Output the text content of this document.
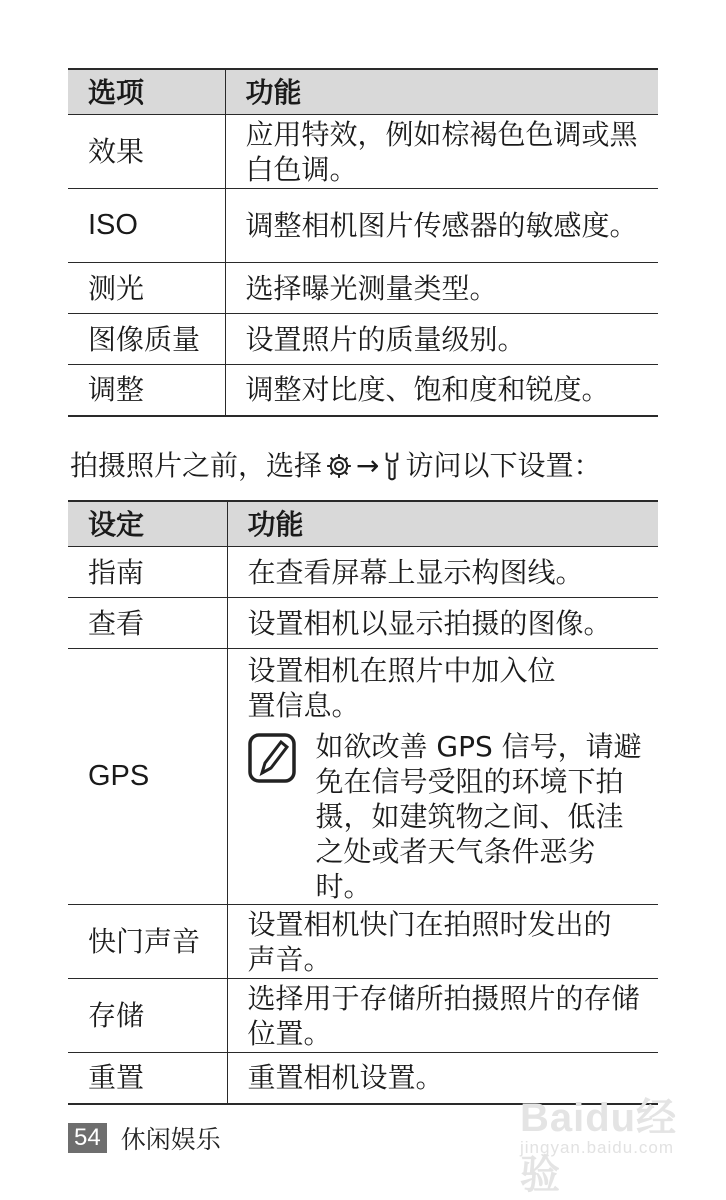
选项	功能
效果	应用特效，例如棕褐色色调或黑白色调。
ISO	调整相机图片传感器的敏感度。
测光	选择曝光测量类型。
图像质量	设置照片的质量级别。
调整	调整对比度、饱和度和锐度。
拍摄照片之前，选择 → 访问以下设置：
设定	功能
指南	在查看屏幕上显示构图线。
查看	设置相机以显示拍摄的图像。
GPS	设置相机在照片中加入位置信息。
如欲改善 GPS 信号，请避免在信号受阻的环境下拍摄，如建筑物之间、低洼之处或者天气条件恶劣时。

快门声音	设置相机快门在拍照时发出的声音。
存储	选择用于存储所拍摄照片的存储位置。
重置	重置相机设置。
54 休闲娱乐	Baidu经验
jingyan.baidu.com
